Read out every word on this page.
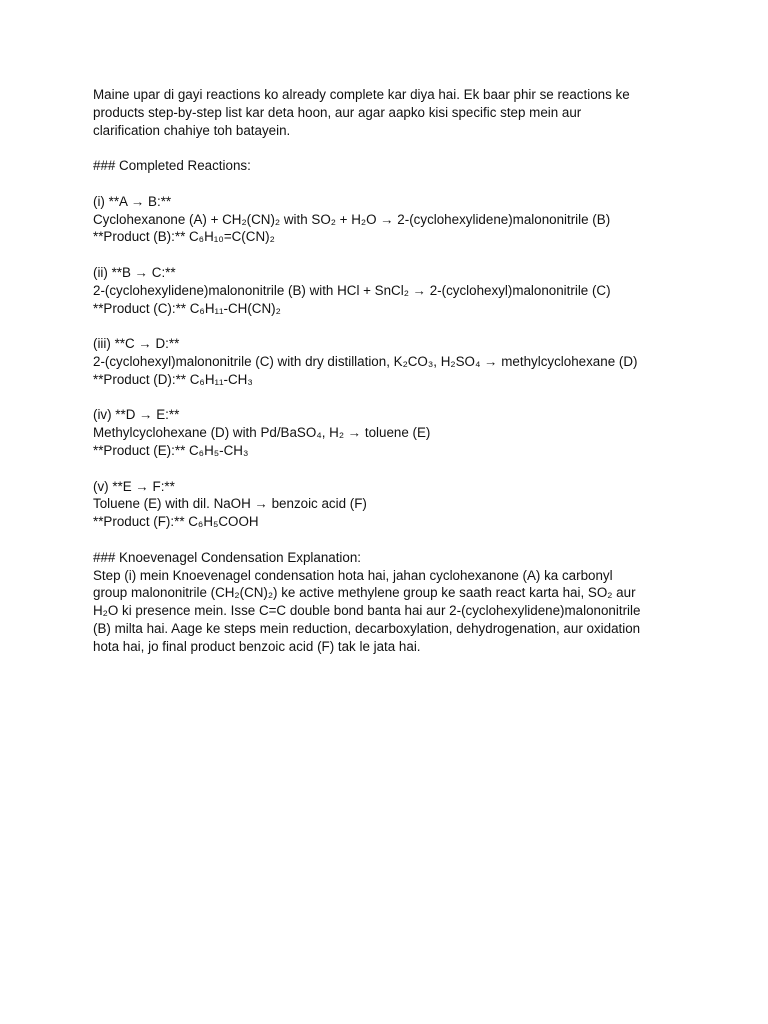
Maine upar di gayi reactions ko already complete kar diya hai. Ek baar phir se reactions ke
products step-by-step list kar deta hoon, aur agar aapko kisi specific step mein aur
clarification chahiye toh batayein.
### Completed Reactions:
(i) **A → B:**
Cyclohexanone (A) + CH₂(CN)₂ with SO₂ + H₂O → 2-(cyclohexylidene)malononitrile (B)
**Product (B):** C₆H₁₀=C(CN)₂
(ii) **B → C:**
2-(cyclohexylidene)malononitrile (B) with HCl + SnCl₂ → 2-(cyclohexyl)malononitrile (C)
**Product (C):** C₆H₁₁-CH(CN)₂
(iii) **C → D:**
2-(cyclohexyl)malononitrile (C) with dry distillation, K₂CO₃, H₂SO₄ → methylcyclohexane (D)
**Product (D):** C₆H₁₁-CH₃
(iv) **D → E:**
Methylcyclohexane (D) with Pd/BaSO₄, H₂ → toluene (E)
**Product (E):** C₆H₅-CH₃
(v) **E → F:**
Toluene (E) with dil. NaOH → benzoic acid (F)
**Product (F):** C₆H₅COOH
### Knoevenagel Condensation Explanation:
Step (i) mein Knoevenagel condensation hota hai, jahan cyclohexanone (A) ka carbonyl
group malononitrile (CH₂(CN)₂) ke active methylene group ke saath react karta hai, SO₂ aur
H₂O ki presence mein. Isse C=C double bond banta hai aur 2-(cyclohexylidene)malononitrile
(B) milta hai. Aage ke steps mein reduction, decarboxylation, dehydrogenation, aur oxidation
hota hai, jo final product benzoic acid (F) tak le jata hai.
